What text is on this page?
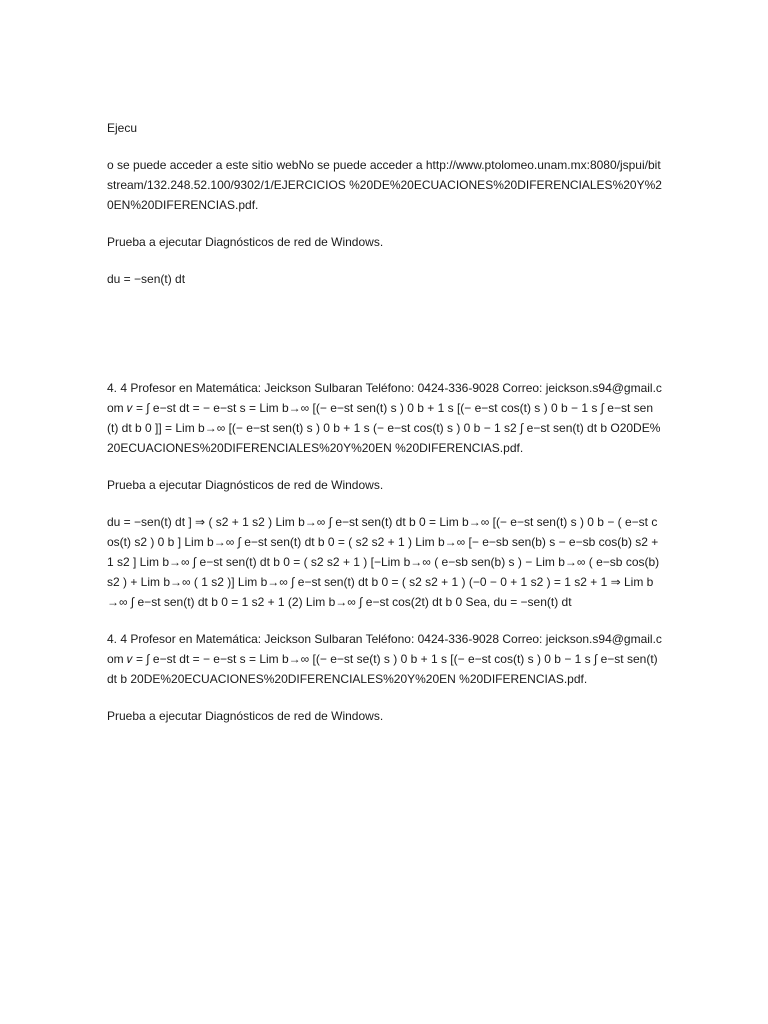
Ejecu

o se puede acceder a este sitio webNo se puede acceder a http://www.ptolomeo.unam.mx:8080/jspui/bitstream/132.248.52.100/9302/1/EJERCICIOS %20DE%20ECUACIONES%20DIFERENCIALES%20Y%20EN%20DIFERENCIAS.pdf.

Prueba a ejecutar Diagnósticos de red de Windows.

du = −sen(t) dt

4. 4 Profesor en Matemática: Jeickson Sulbaran Teléfono: 0424-336-9028 Correo: jeickson.s94@gmail.com 𝑣 = ∫ e−st dt = − e−st s = Lim b→∞ [(− e−st sen(t) s ) 0 b + 1 s [(− e−st cos(t) s ) 0 b − 1 s ∫ e−st sen(t) dt b 0 ]] = Lim b→∞ [(− e−st sen(t) s ) 0 b + 1 s (− e−st cos(t) s ) 0 b − 1 s2 ∫ e−st sen(t) dt b O20DE%20ECUACIONES%20DIFERENCIALES%20Y%20EN %20DIFERENCIAS.pdf.

Prueba a ejecutar Diagnósticos de red de Windows.

du = −sen(t) dt ] ⇒ ( s2 + 1 s2 ) Lim b→∞ ∫ e−st sen(t) dt b 0 = Lim b→∞ [(− e−st sen(t) s ) 0 b − ( e−st cos(t) s2 ) 0 b ] Lim b→∞ ∫ e−st sen(t) dt b 0 = ( s2 s2 + 1 ) Lim b→∞ [− e−sb sen(b) s − e−sb cos(b) s2 + 1 s2 ] Lim b→∞ ∫ e−st sen(t) dt b 0 = ( s2 s2 + 1 ) [−Lim b→∞ ( e−sb sen(b) s ) − Lim b→∞ ( e−sb cos(b) s2 ) + Lim b→∞ ( 1 s2 )] Lim b→∞ ∫ e−st sen(t) dt b 0 = ( s2 s2 + 1 ) (−0 − 0 + 1 s2 ) = 1 s2 + 1 ⇒ Lim b→∞ ∫ e−st sen(t) dt b 0 = 1 s2 + 1 (2) Lim b→∞ ∫ e−st cos(2t) dt b 0 Sea, du = −sen(t) dt

4. 4 Profesor en Matemática: Jeickson Sulbaran Teléfono: 0424-336-9028 Correo: jeickson.s94@gmail.com 𝑣 = ∫ e−st dt = − e−st s = Lim b→∞ [(− e−st se(t) s ) 0 b + 1 s [(− e−st cos(t) s ) 0 b − 1 s ∫ e−st sen(t) dt b 20DE%20ECUACIONES%20DIFERENCIALES%20Y%20EN %20DIFERENCIAS.pdf.

Prueba a ejecutar Diagnósticos de red de Windows.
